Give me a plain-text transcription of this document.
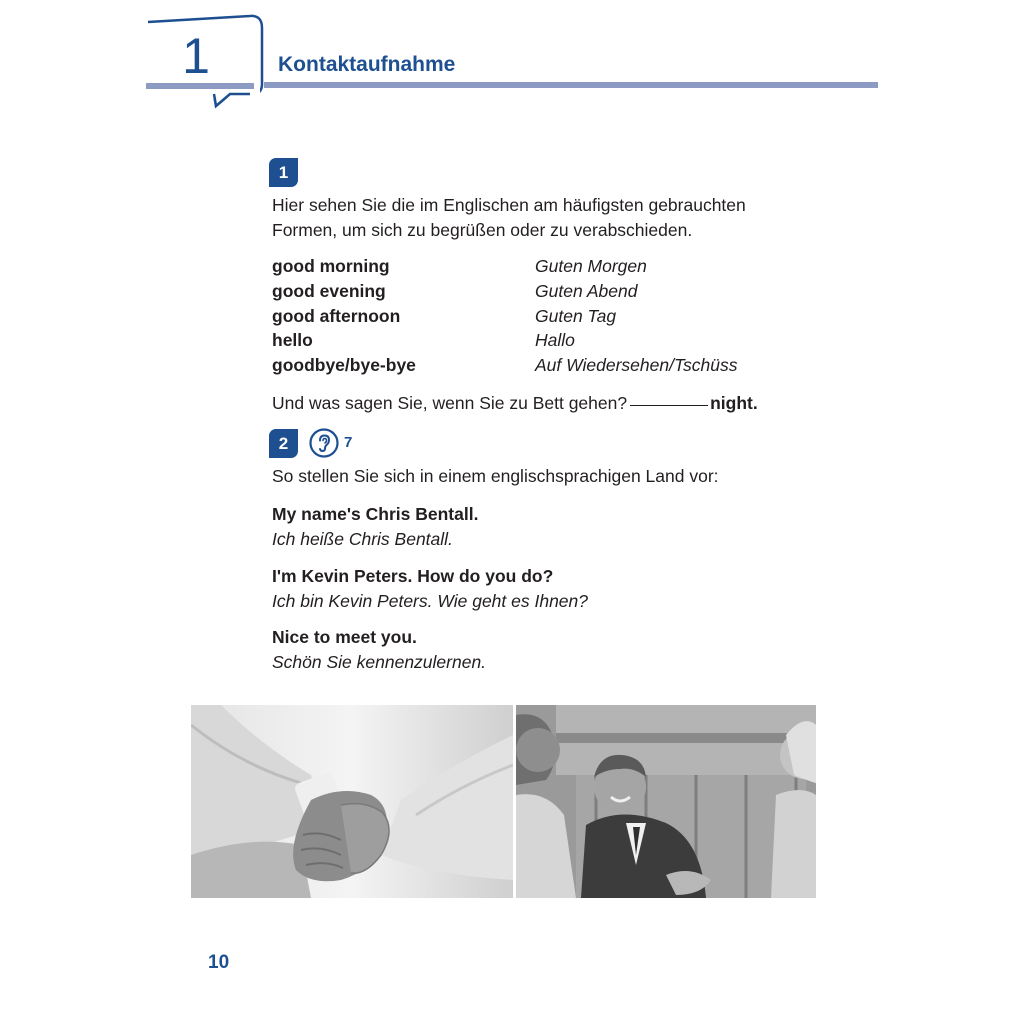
1	Kontaktaufnahme
1
Hier sehen Sie die im Englischen am häufigsten gebrauchten
Formen, um sich zu begrüßen oder zu verabschieden.
good morning	Guten Morgen
good evening	Guten Abend
good afternoon	Guten Tag
hello	Hallo
goodbye/bye-bye	Auf Wiedersehen/Tschüss
Und was sagen Sie, wenn Sie zu Bett gehen?	night.
2	7
So stellen Sie sich in einem englischsprachigen Land vor:
My name's Chris Bentall.
Ich heiße Chris Bentall.
I'm Kevin Peters. How do you do?
Ich bin Kevin Peters. Wie geht es Ihnen?
Nice to meet you.
Schön Sie kennenzulernen.
10
